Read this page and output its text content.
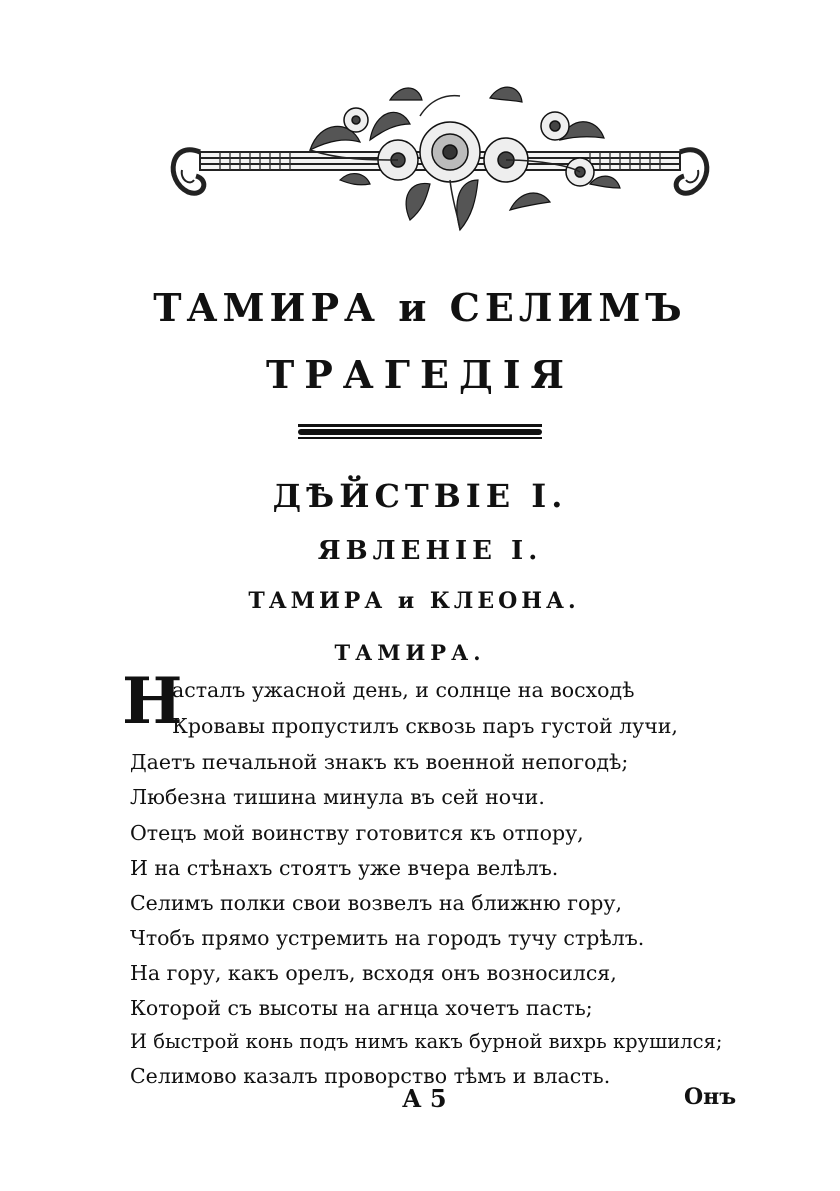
ТАМИРА и СЕЛИМЪ
ТРАГЕДІЯ
ДѢЙСТВІЕ I.
ЯВЛЕНІЕ I.
ТАМИРА и КЛЕОНА.
ТАМИРА.
Н
асталъ ужасной день, и солнце на восходѣ
Кровавы пропустилъ сквозь паръ густой лучи,
Даетъ печальной знакъ къ военной непогодѣ;
Любезна тишина минула въ сей ночи.
Отецъ мой воинству готовится къ отпору,
И на стѣнахъ стоятъ уже вчера велѣлъ.
Селимъ полки свои возвелъ на ближню гору,
Чтобъ прямо устремить на городъ тучу стрѣлъ.
На гору, какъ орелъ, всходя онъ возносился,
Которой съ высоты на агнца хочетъ пасть;
И быстрой конь подъ нимъ какъ бурной вихрь крушился;
Селимово казалъ проворство тѣмъ и власть.
А 5	Онъ
